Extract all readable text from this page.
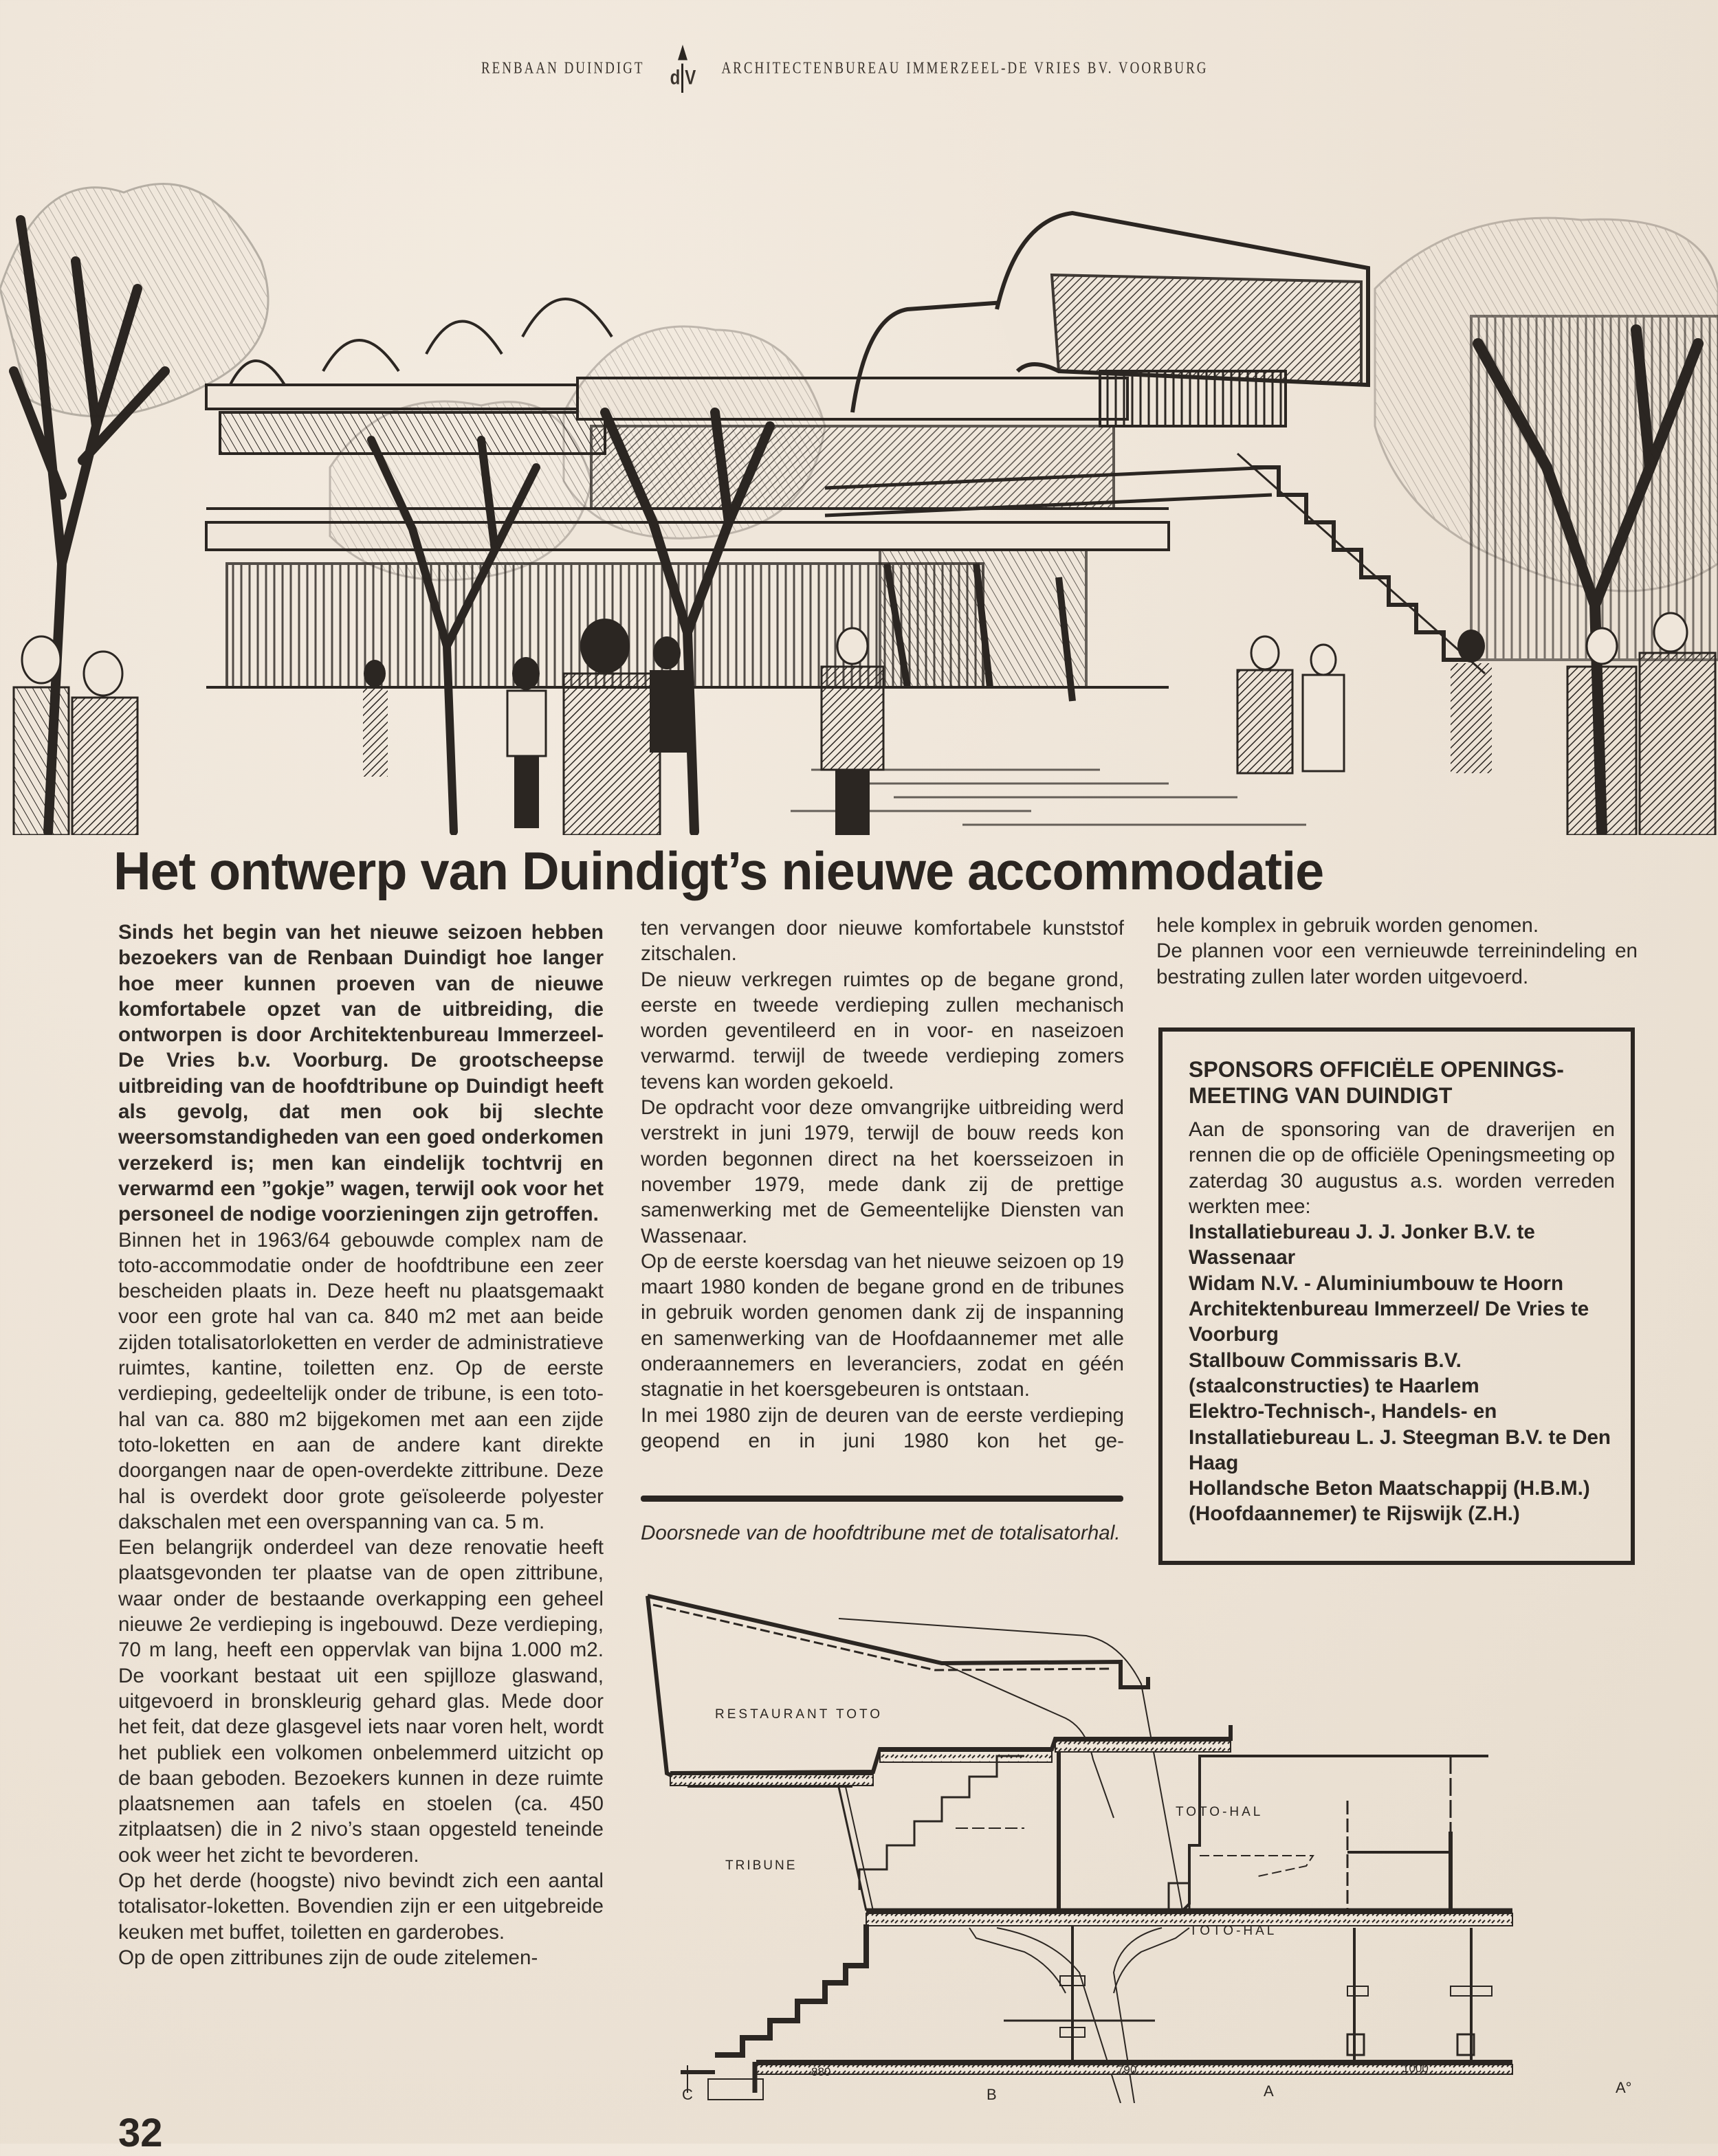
RENBAAN DUINDIGT d V ARCHITECTENBUREAU IMMERZEEL-DE VRIES BV. VOORBURG
Het ontwerp van Duindigt’s nieuwe accommodatie

Sinds het begin van het nieuwe seizoen hebben bezoekers van de Renbaan Duindigt hoe langer hoe meer kunnen proeven van de nieuwe komfortabele opzet van de uitbreiding, die ontworpen is door Architektenbureau Immerzeel-De Vries b.v. Voorburg. De grootscheepse uitbreiding van de hoofdtribune op Duindigt heeft als gevolg, dat men ook bij slechte weersomstandigheden van een goed onderkomen verzekerd is; men kan eindelijk tochtvrij en verwarmd een ”gokje” wagen, terwijl ook voor het personeel de nodige voorzieningen zijn getroffen.

Binnen het in 1963/64 gebouwde complex nam de toto-accommodatie onder de hoofdtribune een zeer bescheiden plaats in. Deze heeft nu plaatsgemaakt voor een grote hal van ca. 840 m2 met aan beide zijden totalisatorloketten en verder de administratieve ruimtes, kantine, toiletten enz. Op de eerste verdieping, gedeeltelijk onder de tribune, is een toto-hal van ca. 880 m2 bijgekomen met aan een zijde toto-loketten en aan de andere kant direkte doorgangen naar de open-overdekte zittribune. Deze hal is overdekt door grote geïsoleerde polyester dakschalen met een overspanning van ca. 5 m.

Een belangrijk onderdeel van deze renovatie heeft plaatsgevonden ter plaatse van de open zittribune, waar onder de bestaande overkapping een geheel nieuwe 2e verdieping is ingebouwd. Deze verdieping, 70 m lang, heeft een oppervlak van bijna 1.000 m2. De voorkant bestaat uit een spijlloze glaswand, uitgevoerd in bronskleurig gehard glas. Mede door het feit, dat deze glasgevel iets naar voren helt, wordt het publiek een volkomen onbelemmerd uitzicht op de baan geboden. Bezoekers kunnen in deze ruimte plaatsnemen aan tafels en stoelen (ca. 450 zitplaatsen) die in 2 nivo’s staan opgesteld teneinde ook weer het zicht te bevorderen.

Op het derde (hoogste) nivo bevindt zich een aantal totalisator-loketten. Bovendien zijn er een uitgebreide keuken met buffet, toiletten en garderobes.

Op de open zittribunes zijn de oude zitelemen-

ten vervangen door nieuwe komfortabele kunststof zitschalen.

De nieuw verkregen ruimtes op de begane grond, eerste en tweede verdieping zullen mechanisch worden geventileerd en in voor- en naseizoen verwarmd. terwijl de tweede verdieping zomers tevens kan worden gekoeld.

De opdracht voor deze omvangrijke uitbreiding werd verstrekt in juni 1979, terwijl de bouw reeds kon worden begonnen direct na het koersseizoen in november 1979, mede dank zij de prettige samenwerking met de Gemeentelijke Diensten van Wassenaar.

Op de eerste koersdag van het nieuwe seizoen op 19 maart 1980 konden de begane grond en de tribunes in gebruik worden genomen dank zij de inspanning en samenwerking van de Hoofdaannemer met alle onderaannemers en leveranciers, zodat en géén stagnatie in het koersgebeuren is ontstaan.

In mei 1980 zijn de deuren van de eerste verdieping geopend en in juni 1980 kon het ge-

Doorsnede van de hoofdtribune met de totalisatorhal.

hele komplex in gebruik worden genomen.

De plannen voor een vernieuwde terreinindeling en bestrating zullen later worden uitgevoerd.

SPONSORS OFFICIËLE OPENINGS-MEETING VAN DUINDIGT
Aan de sponsoring van de draverijen en rennen die op de officiële Openingsmeeting op zaterdag 30 augustus a.s. worden verreden werkten mee:
Installatiebureau J. J. Jonker B.V. te Wassenaar
Widam N.V. - Aluminiumbouw te Hoorn
Architektenbureau Immerzeel/ De Vries te Voorburg
Stallbouw Commissaris B.V. (staalconstructies) te Haarlem
Elektro-Technisch-, Handels- en Installatiebureau L. J. Steegman B.V. te Den Haag
Hollandsche Beton Maatschappij (H.B.M.) (Hoofdaannemer) te Rijswijk (Z.H.)
RESTAURANT TOTO
TRIBUNE
TOTO-HAL
TOTO-HAL
C
880
B
790
A
1000
A°
32
